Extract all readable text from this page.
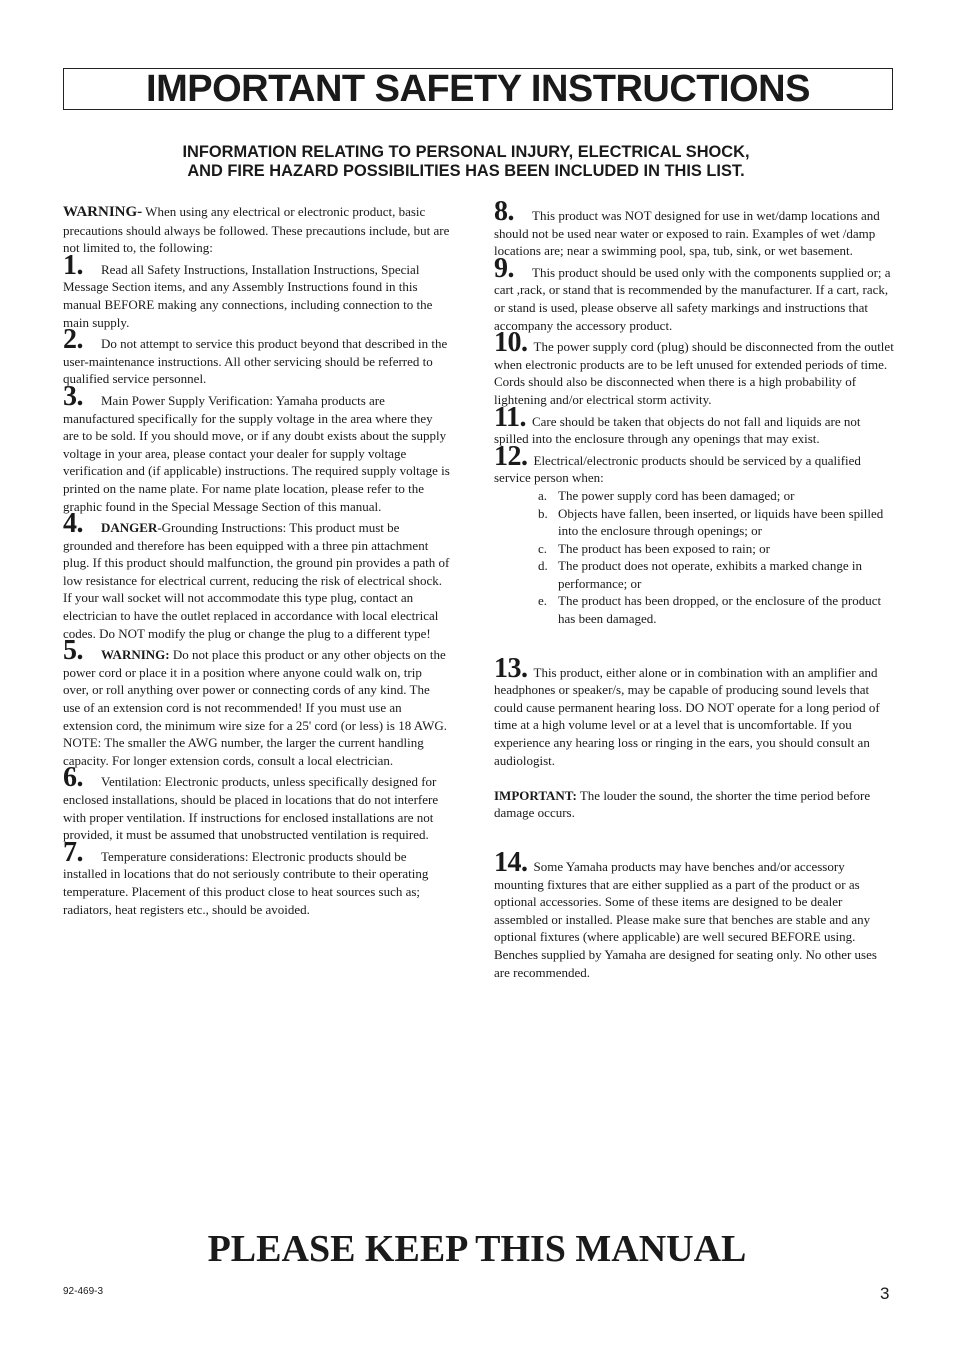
IMPORTANT SAFETY INSTRUCTIONS
INFORMATION RELATING TO PERSONAL INJURY, ELECTRICAL SHOCK,
AND FIRE HAZARD POSSIBILITIES HAS BEEN INCLUDED IN THIS LIST.

WARNING- When using any electrical or electronic product, basic precautions should always be followed. These precautions include, but are not limited to, the following:

1. Read all Safety Instructions, Installation Instructions, Special Message Section items, and any Assembly Instructions found in this manual BEFORE making any connections, including connection to the main supply.

2. Do not attempt to service this product beyond that described in the user-maintenance instructions. All other servicing should be referred to qualified service personnel.

3. Main Power Supply Verification: Yamaha products are manufactured specifically for the supply voltage in the area where they are to be sold. If you should move, or if any doubt exists about the supply voltage in your area, please contact your dealer for supply voltage verification and (if applicable) instructions. The required supply voltage is printed on the name plate. For name plate location, please refer to the graphic found in the Special Message Section of this manual.

4. DANGER-Grounding Instructions: This product must be grounded and therefore has been equipped with a three pin attachment plug. If this product should malfunction, the ground pin provides a path of low resistance for electrical current, reducing the risk of electrical shock. If your wall socket will not accommodate this type plug, contact an electrician to have the outlet replaced in accordance with local electrical codes. Do NOT modify the plug or change the plug to a different type!

5. WARNING: Do not place this product or any other objects on the power cord or place it in a position where anyone could walk on, trip over, or roll anything over power or connecting cords of any kind. The use of an extension cord is not recommended! If you must use an extension cord, the minimum wire size for a 25' cord (or less) is 18 AWG. NOTE: The smaller the AWG number, the larger the current handling capacity. For longer extension cords, consult a local electrician.

6. Ventilation: Electronic products, unless specifically designed for enclosed installations, should be placed in locations that do not interfere with proper ventilation. If instructions for enclosed installations are not provided, it must be assumed that unobstructed ventilation is required.

7. Temperature considerations: Electronic products should be installed in locations that do not seriously contribute to their operating temperature. Placement of this product close to heat sources such as; radiators, heat registers etc., should be avoided.

8. This product was NOT designed for use in wet/damp locations and should not be used near water or exposed to rain. Examples of wet /damp locations are; near a swimming pool, spa, tub, sink, or wet basement.

9. This product should be used only with the components supplied or; a cart ,rack, or stand that is recommended by the manufacturer. If a cart, rack, or stand is used, please observe all safety markings and instructions that accompany the accessory product.

10. The power supply cord (plug) should be disconnected from the outlet when electronic products are to be left unused for extended periods of time. Cords should also be disconnected when there is a high probability of lightening and/or electrical storm activity.

11. Care should be taken that objects do not fall and liquids are not spilled into the enclosure through any openings that may exist.

12. Electrical/electronic products should be serviced by a qualified service person when:

a. The power supply cord has been damaged; or
b. Objects have fallen, been inserted, or liquids have been spilled into the enclosure through openings; or
c. The product has been exposed to rain; or
d. The product does not operate, exhibits a marked change in performance; or
e. The product has been dropped, or the enclosure of the product has been damaged.

13. This product, either alone or in combination with an amplifier and headphones or speaker/s, may be capable of producing sound levels that could cause permanent hearing loss. DO NOT operate for a long period of time at a high volume level or at a level that is uncomfortable. If you experience any hearing loss or ringing in the ears, you should consult an audiologist.

IMPORTANT: The louder the sound, the shorter the time period before damage occurs.

14. Some Yamaha products may have benches and/or accessory mounting fixtures that are either supplied as a part of the product or as optional accessories. Some of these items are designed to be dealer assembled or installed. Please make sure that benches are stable and any optional fixtures (where applicable) are well secured BEFORE using. Benches supplied by Yamaha are designed for seating only. No other uses are recommended.

PLEASE KEEP THIS MANUAL
92-469-3	3
